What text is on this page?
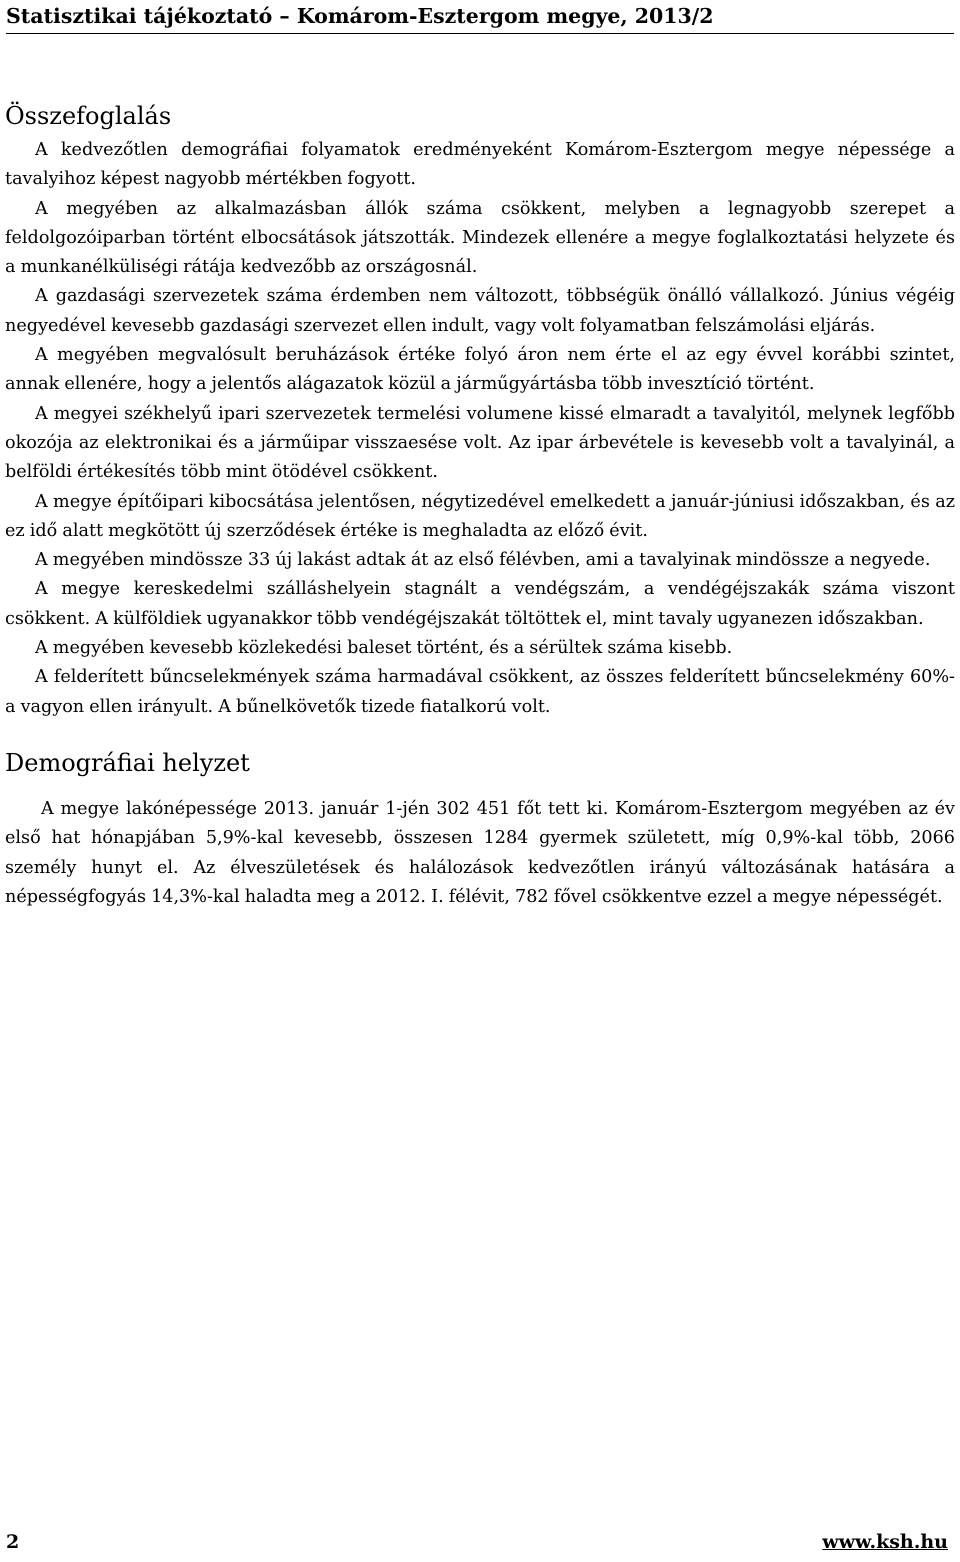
Statisztikai tájékoztató – Komárom-Esztergom megye, 2013/2
Összefoglalás

A kedvezőtlen demográfiai folyamatok eredményeként Komárom-Esztergom megye népessége a tavalyihoz képest nagyobb mértékben fogyott.

A megyében az alkalmazásban állók száma csökkent, melyben a legnagyobb szerepet a feldolgozóiparban történt elbocsátások játszották. Mindezek ellenére a megye foglalkoztatási helyzete és a munkanélküliségi rátája kedvezőbb az országosnál.

A gazdasági szervezetek száma érdemben nem változott, többségük önálló vállalkozó. Június végéig negyedével kevesebb gazdasági szervezet ellen indult, vagy volt folyamatban felszámolási eljárás.

A megyében megvalósult beruházások értéke folyó áron nem érte el az egy évvel korábbi szintet, annak ellenére, hogy a jelentős alágazatok közül a járműgyártásba több invesztíció történt.

A megyei székhelyű ipari szervezetek termelési volumene kissé elmaradt a tavalyitól, melynek legfőbb okozója az elektronikai és a járműipar visszaesése volt. Az ipar árbevétele is kevesebb volt a tavalyinál, a belföldi értékesítés több mint ötödével csökkent.

A megye építőipari kibocsátása jelentősen, négytizedével emelkedett a január-júniusi időszakban, és az ez idő alatt megkötött új szerződések értéke is meghaladta az előző évit.

A megyében mindössze 33 új lakást adtak át az első félévben, ami a tavalyinak mindössze a negyede.

A megye kereskedelmi szálláshelyein stagnált a vendégszám, a vendégéjszakák száma viszont csökkent. A külföldiek ugyanakkor több vendégéjszakát töltöttek el, mint tavaly ugyanezen időszakban.

A megyében kevesebb közlekedési baleset történt, és a sérültek száma kisebb.

A felderített bűncselekmények száma harmadával csökkent, az összes felderített bűncselekmény 60%-a vagyon ellen irányult. A bűnelkövetők tizede fiatalkorú volt.

Demográfiai helyzet

A megye lakónépessége 2013. január 1-jén 302 451 főt tett ki. Komárom-Esztergom megyében az év első hat hónapjában 5,9%-kal kevesebb, összesen 1284 gyermek született, míg 0,9%-kal több, 2066 személy hunyt el. Az élveszületések és halálozások kedvezőtlen irányú változásának hatására a népességfogyás 14,3%-kal haladta meg a 2012. I. félévit, 782 fővel csökkentve ezzel a megye népességét.

2	www.ksh.hu
